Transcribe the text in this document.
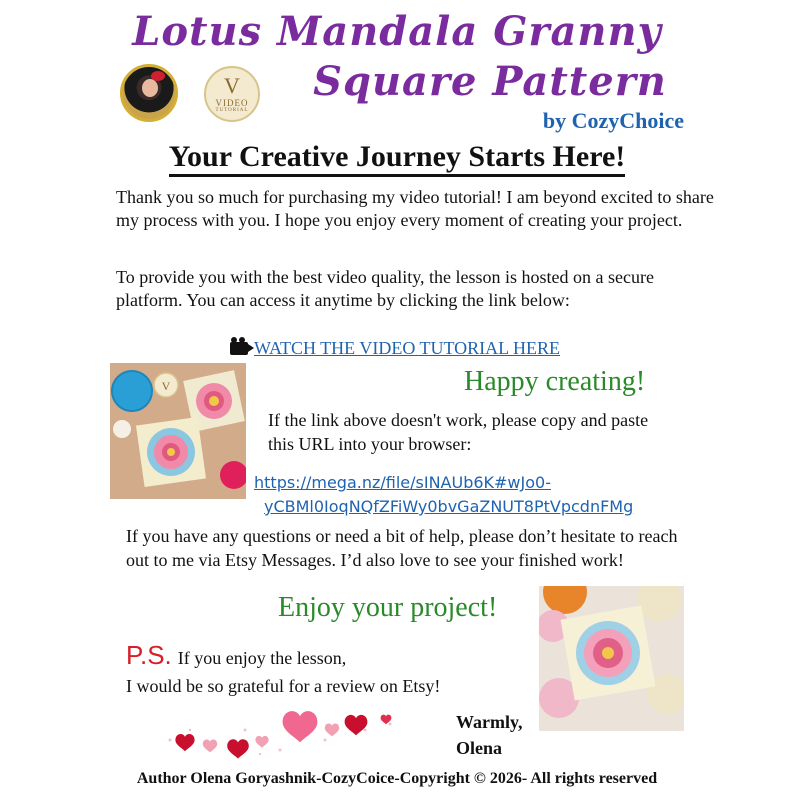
Lotus Mandala Granny
Square Pattern
by CozyChoice
V
VIDEO
TUTORIAL
Your Creative Journey Starts Here!
Thank you so much for purchasing my video tutorial! I am beyond excited to share my process with you. I hope you enjoy every moment of creating your project.
To provide you with the best video quality, the lesson is hosted on a secure platform. You can access it anytime by clicking the link below:
WATCH THE VIDEO TUTORIAL HERE
V	Happy creating!
If the link above doesn't work, please copy and paste this URL into your browser:
https://mega.nz/file/sINAUb6K#wJo0-
yCBMl0IoqNQfZFiWy0bvGaZNUT8PtVpcdnFMg
If you have any questions or need a bit of help, please don’t hesitate to reach out to me via Etsy Messages. I’d also love to see your finished work!
Enjoy your project!
P.S. If you enjoy the lesson,
I would be so grateful for a review on Etsy!
Warmly,
Olena
Author Olena Goryashnik-CozyCoice-Copyright © 2026- All rights reserved
